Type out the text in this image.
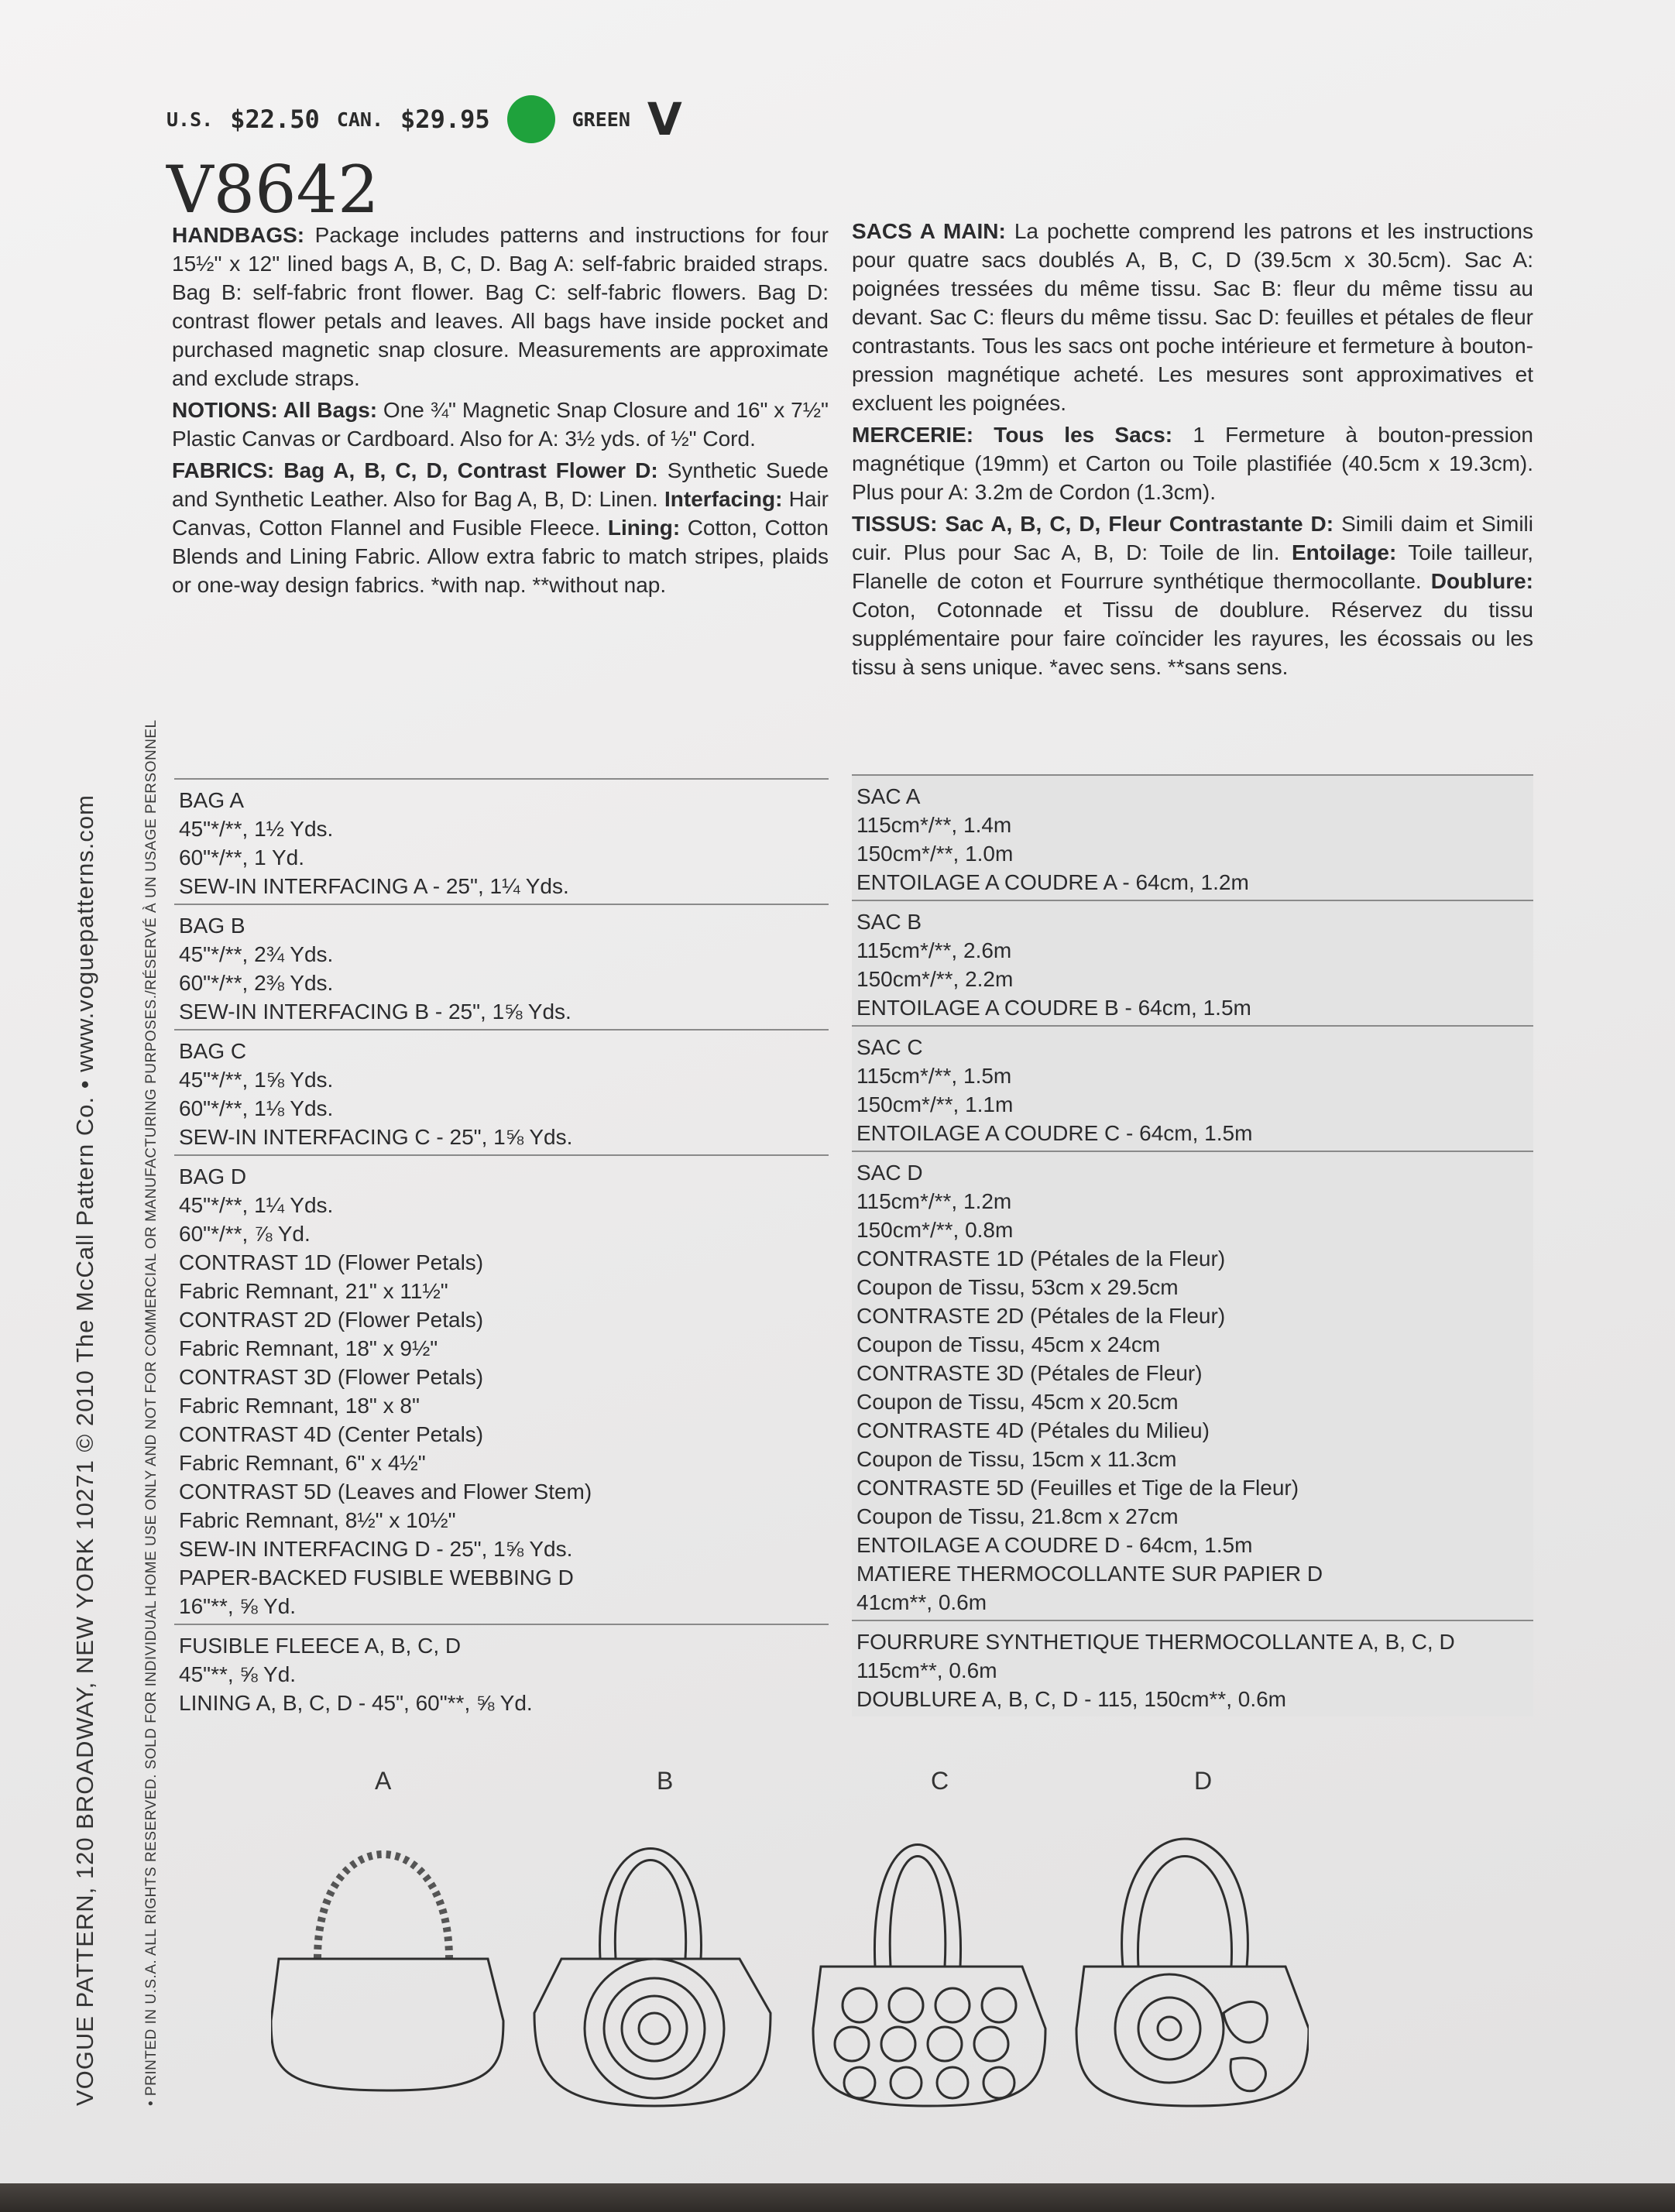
U.S. $22.50 CAN. $29.95	GREEN V
V8642
VOGUE PATTERN, 120 BROADWAY, NEW YORK 10271 © 2010 The McCall Pattern Co. • www.voguepatterns.com	• PRINTED IN U.S.A. ALL RIGHTS RESERVED. SOLD FOR INDIVIDUAL HOME USE ONLY AND NOT FOR COMMERCIAL OR MANUFACTURING PURPOSES./RÉSERVÉ À UN USAGE PERSONNEL

HANDBAGS: Package includes patterns and instructions for four 15½" x 12" lined bags A, B, C, D. Bag A: self-fabric braided straps. Bag B: self-fabric front flower. Bag C: self-fabric flowers. Bag D: contrast flower petals and leaves. All bags have inside pocket and purchased magnetic snap closure. Measurements are approximate and exclude straps.

NOTIONS: All Bags: One ¾" Magnetic Snap Closure and 16" x 7½" Plastic Canvas or Cardboard. Also for A: 3½ yds. of ½" Cord.

FABRICS: Bag A, B, C, D, Contrast Flower D: Synthetic Suede and Synthetic Leather. Also for Bag A, B, D: Linen. Interfacing: Hair Canvas, Cotton Flannel and Fusible Fleece. Lining: Cotton, Cotton Blends and Lining Fabric. Allow extra fabric to match stripes, plaids or one-way design fabrics. *with nap. **without nap.

SACS A MAIN: La pochette comprend les patrons et les instructions pour quatre sacs doublés A, B, C, D (39.5cm x 30.5cm). Sac A: poignées tressées du même tissu. Sac B: fleur du même tissu au devant. Sac C: fleurs du même tissu. Sac D: feuilles et pétales de fleur contrastants. Tous les sacs ont poche intérieure et fermeture à bouton-pression magnétique acheté. Les mesures sont approximatives et excluent les poignées.

MERCERIE: Tous les Sacs: 1 Fermeture à bouton-pression magnétique (19mm) et Carton ou Toile plastifiée (40.5cm x 19.3cm). Plus pour A: 3.2m de Cordon (1.3cm).

TISSUS: Sac A, B, C, D, Fleur Contrastante D: Simili daim et Simili cuir. Plus pour Sac A, B, D: Toile de lin. Entoilage: Toile tailleur, Flanelle de coton et Fourrure synthétique thermocollante. Doublure: Coton, Cotonnade et Tissu de doublure. Réservez du tissu supplémentaire pour faire coïncider les rayures, les écossais ou les tissu à sens unique. *avec sens. **sans sens.

BAG A
45"*/**, 1½ Yds.
60"*/**, 1 Yd.
SEW-IN INTERFACING A - 25", 1¼ Yds.
BAG B
45"*/**, 2¾ Yds.
60"*/**, 2⅜ Yds.
SEW-IN INTERFACING B - 25", 1⅝ Yds.
BAG C
45"*/**, 1⅝ Yds.
60"*/**, 1⅛ Yds.
SEW-IN INTERFACING C - 25", 1⅝ Yds.
BAG D
45"*/**, 1¼ Yds.
60"*/**, ⅞ Yd.
CONTRAST 1D (Flower Petals)
Fabric Remnant, 21" x 11½"
CONTRAST 2D (Flower Petals)
Fabric Remnant, 18" x 9½"
CONTRAST 3D (Flower Petals)
Fabric Remnant, 18" x 8"
CONTRAST 4D (Center Petals)
Fabric Remnant, 6" x 4½"
CONTRAST 5D (Leaves and Flower Stem)
Fabric Remnant, 8½" x 10½"
SEW-IN INTERFACING D - 25", 1⅝ Yds.
PAPER-BACKED FUSIBLE WEBBING D
16"**, ⅝ Yd.
FUSIBLE FLEECE A, B, C, D
45"**, ⅝ Yd.
LINING A, B, C, D - 45", 60"**, ⅝ Yd.
SAC A
115cm*/**, 1.4m
150cm*/**, 1.0m
ENTOILAGE A COUDRE A - 64cm, 1.2m
SAC B
115cm*/**, 2.6m
150cm*/**, 2.2m
ENTOILAGE A COUDRE B - 64cm, 1.5m
SAC C
115cm*/**, 1.5m
150cm*/**, 1.1m
ENTOILAGE A COUDRE C - 64cm, 1.5m
SAC D
115cm*/**, 1.2m
150cm*/**, 0.8m
CONTRASTE 1D (Pétales de la Fleur)
Coupon de Tissu, 53cm x 29.5cm
CONTRASTE 2D (Pétales de la Fleur)
Coupon de Tissu, 45cm x 24cm
CONTRASTE 3D (Pétales de Fleur)
Coupon de Tissu, 45cm x 20.5cm
CONTRASTE 4D (Pétales du Milieu)
Coupon de Tissu, 15cm x 11.3cm
CONTRASTE 5D (Feuilles et Tige de la Fleur)
Coupon de Tissu, 21.8cm x 27cm
ENTOILAGE A COUDRE D - 64cm, 1.5m
MATIERE THERMOCOLLANTE SUR PAPIER D
41cm**, 0.6m
FOURRURE SYNTHETIQUE THERMOCOLLANTE A, B, C, D
115cm**, 0.6m
DOUBLURE A, B, C, D - 115, 150cm**, 0.6m
A	B	C	D
